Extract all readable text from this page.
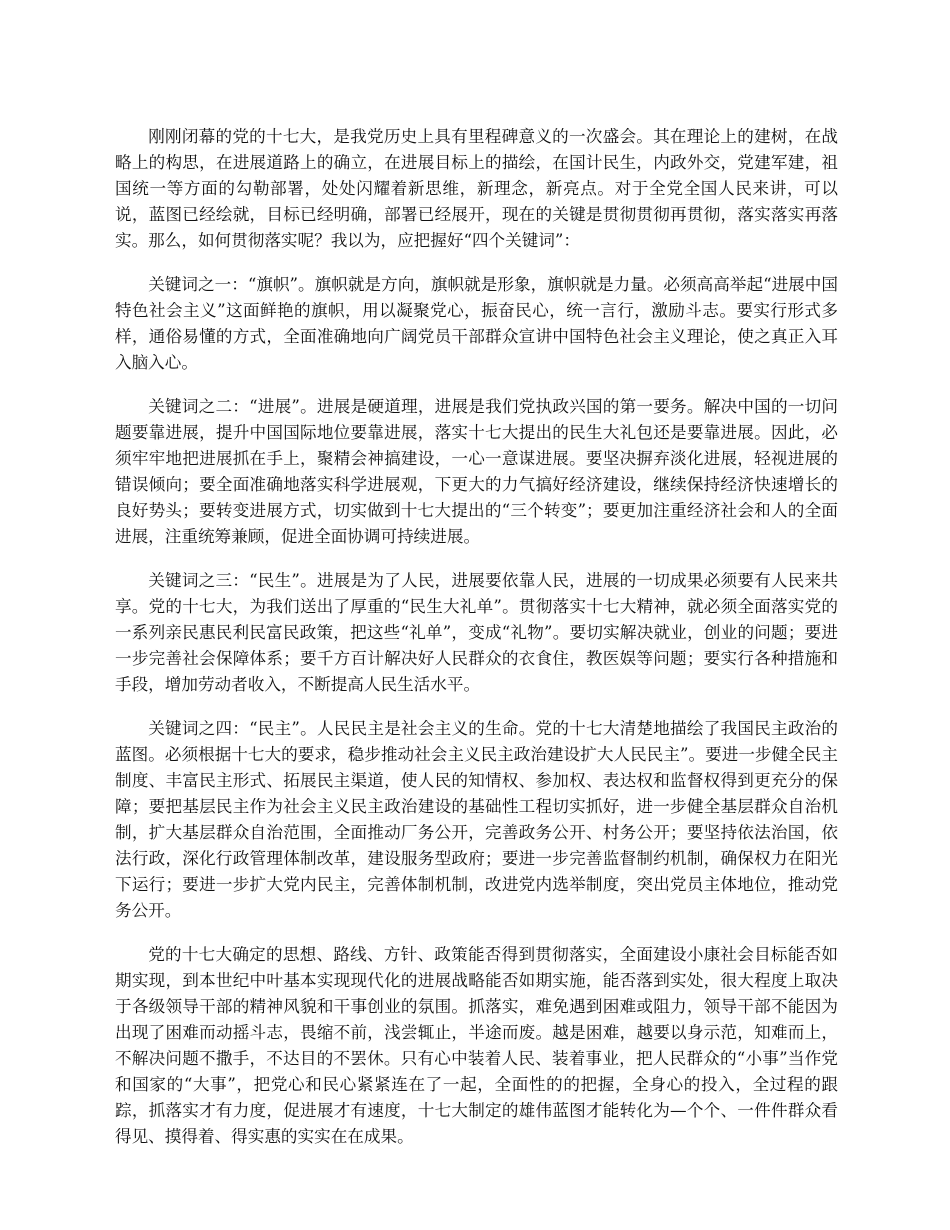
刚刚闭幕的党的十七大，是我党历史上具有里程碑意义的一次盛会。其在理论上的建树，在战略上的构思，在进展道路上的确立，在进展目标上的描绘，在国计民生，内政外交，党建军建，祖国统一等方面的勾勒部署，处处闪耀着新思维，新理念，新亮点。对于全党全国人民来讲，可以说，蓝图已经绘就，目标已经明确，部署已经展开，现在的关键是贯彻贯彻再贯彻，落实落实再落实。那么，如何贯彻落实呢？我以为，应把握好“四个关键词”：

关键词之一：“旗帜”。旗帜就是方向，旗帜就是形象，旗帜就是力量。必须高高举起“进展中国特色社会主义”这面鲜艳的旗帜，用以凝聚党心，振奋民心，统一言行，激励斗志。要实行形式多样，通俗易懂的方式，全面准确地向广阔党员干部群众宣讲中国特色社会主义理论，使之真正入耳入脑入心。

关键词之二：“进展”。进展是硬道理，进展是我们党执政兴国的第一要务。解决中国的一切问题要靠进展，提升中国国际地位要靠进展，落实十七大提出的民生大礼包还是要靠进展。因此，必须牢牢地把进展抓在手上，聚精会神搞建设，一心一意谋进展。要坚决摒弃淡化进展，轻视进展的错误倾向；要全面准确地落实科学进展观，下更大的力气搞好经济建设，继续保持经济快速增长的良好势头；要转变进展方式，切实做到十七大提出的“三个转变”；要更加注重经济社会和人的全面进展，注重统筹兼顾，促进全面协调可持续进展。

关键词之三：“民生”。进展是为了人民，进展要依靠人民，进展的一切成果必须要有人民来共享。党的十七大，为我们送出了厚重的“民生大礼单”。贯彻落实十七大精神，就必须全面落实党的一系列亲民惠民利民富民政策，把这些“礼单”，变成“礼物”。要切实解决就业，创业的问题；要进一步完善社会保障体系；要千方百计解决好人民群众的衣食住，教医娱等问题；要实行各种措施和手段，增加劳动者收入，不断提高人民生活水平。

关键词之四：“民主”。人民民主是社会主义的生命。党的十七大清楚地描绘了我国民主政治的蓝图。必须根据十七大的要求，稳步推动社会主义民主政治建设扩大人民民主”。要进一步健全民主制度、丰富民主形式、拓展民主渠道，使人民的知情权、参加权、表达权和监督权得到更充分的保障；要把基层民主作为社会主义民主政治建设的基础性工程切实抓好，进一步健全基层群众自治机制，扩大基层群众自治范围，全面推动厂务公开，完善政务公开、村务公开；要坚持依法治国，依法行政，深化行政管理体制改革，建设服务型政府；要进一步完善监督制约机制，确保权力在阳光下运行；要进一步扩大党内民主，完善体制机制，改进党内选举制度，突出党员主体地位，推动党务公开。

党的十七大确定的思想、路线、方针、政策能否得到贯彻落实，全面建设小康社会目标能否如期实现，到本世纪中叶基本实现现代化的进展战略能否如期实施，能否落到实处，很大程度上取决于各级领导干部的精神风貌和干事创业的氛围。抓落实，难免遇到困难或阻力，领导干部不能因为出现了困难而动摇斗志，畏缩不前，浅尝辄止，半途而废。越是困难，越要以身示范，知难而上，不解决问题不撒手，不达目的不罢休。只有心中装着人民、装着事业，把人民群众的“小事”当作党和国家的“大事”，把党心和民心紧紧连在了一起，全面性的的把握，全身心的投入，全过程的跟踪，抓落实才有力度，促进展才有速度，十七大制定的雄伟蓝图才能转化为—个个、一件件群众看得见、摸得着、得实惠的实实在在成果。
